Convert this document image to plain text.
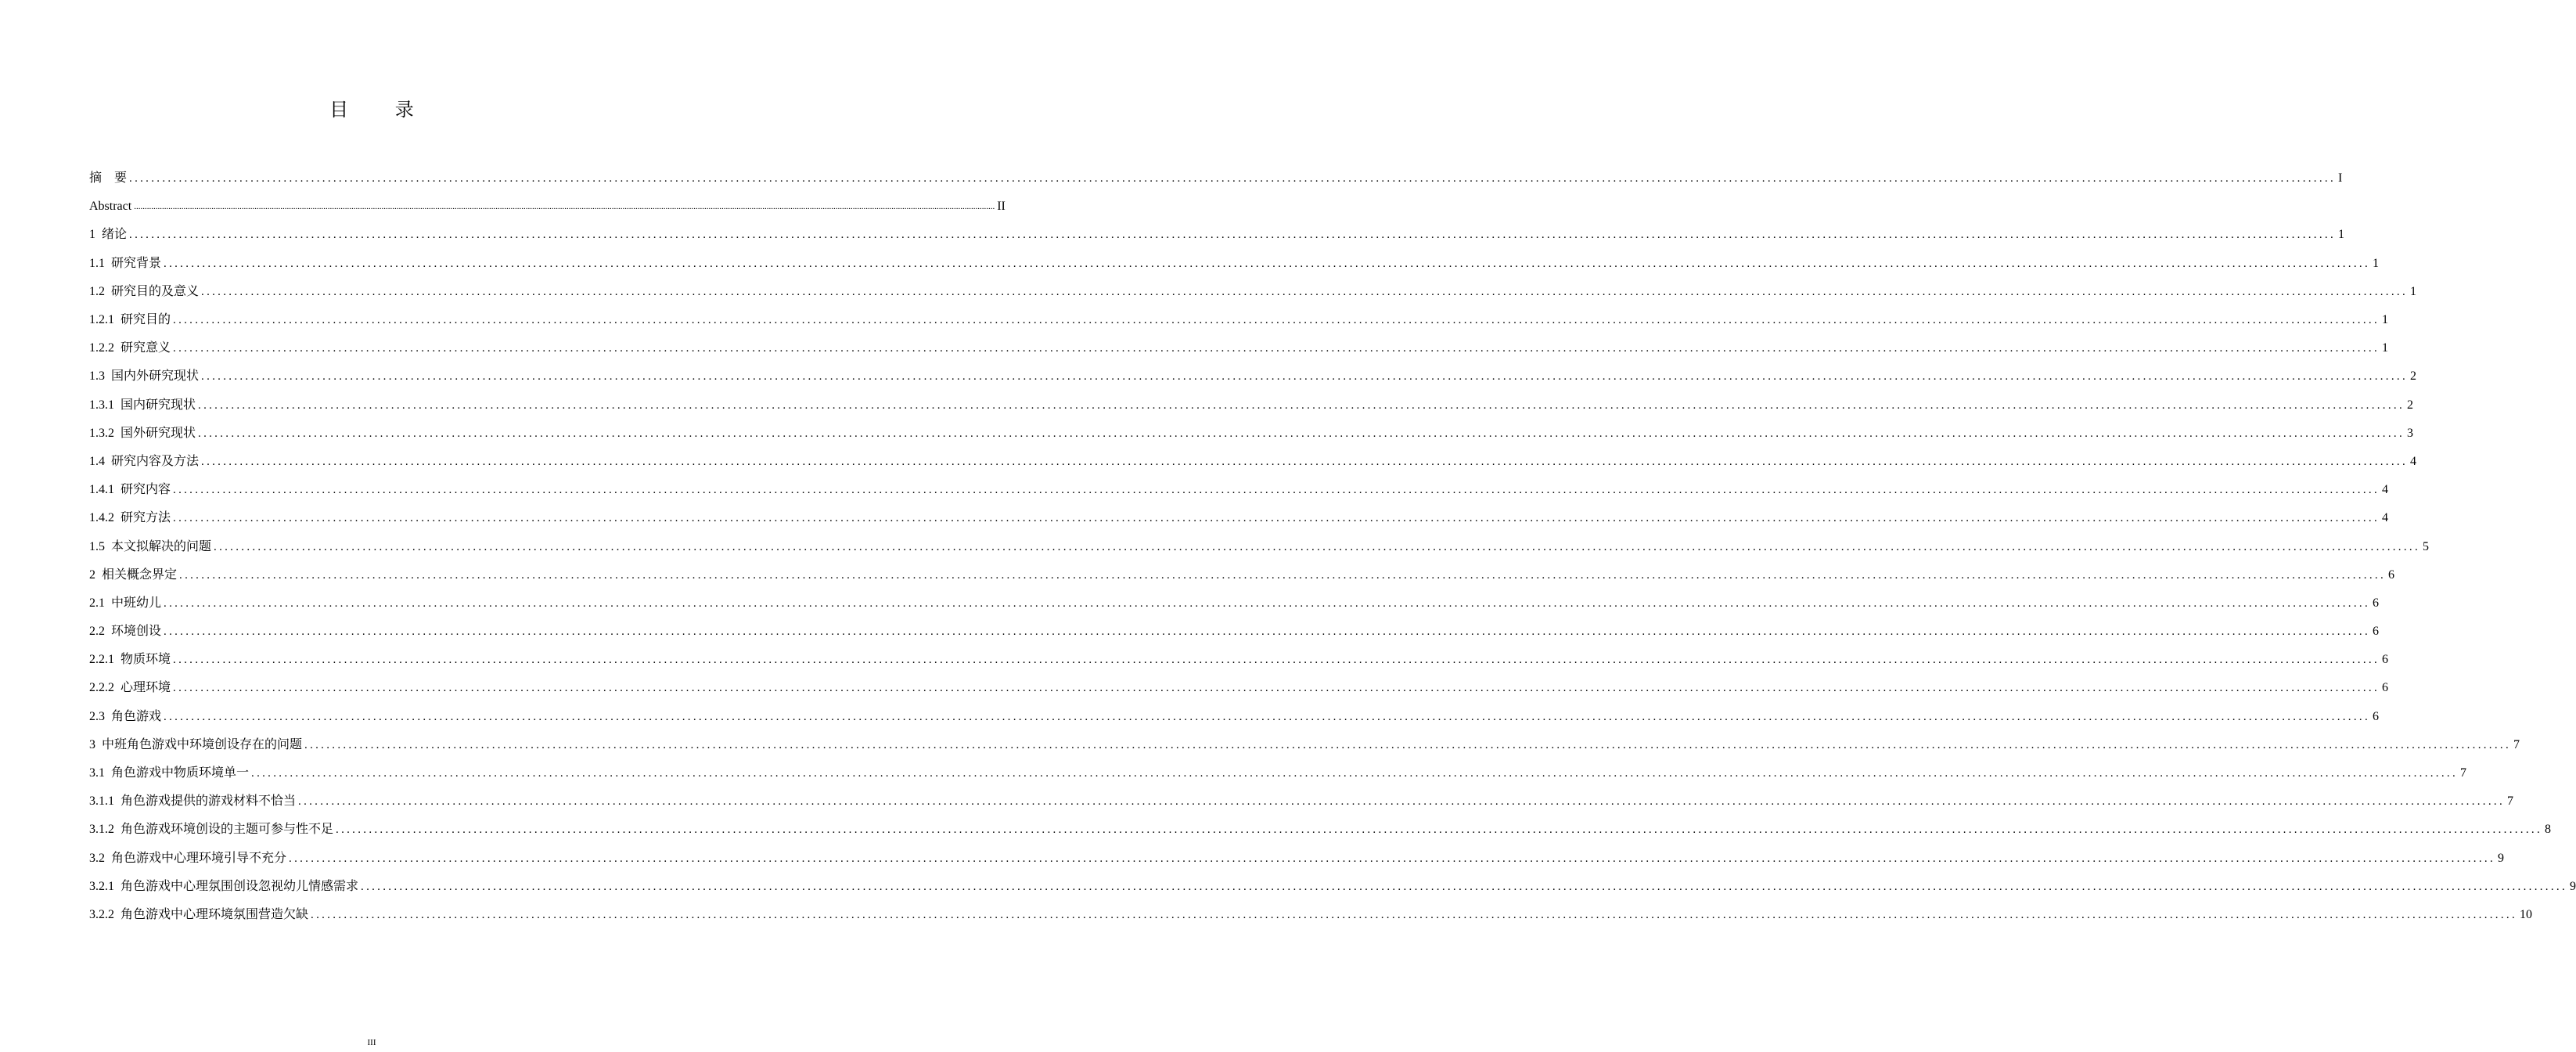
目 录
摘　要 ................................................................................................................................................................................................................................................................................................................................................................................................................ I
Abstract ................................................................................................................................................................................................................................................................................................................................................................................................................ II
1 绪论 ................................................................................................................................................................................................................................................................................................................................................................................................................ 1
1.1 研究背景 ................................................................................................................................................................................................................................................................................................................................................................................................................ 1
1.2 研究目的及意义 ................................................................................................................................................................................................................................................................................................................................................................................................................ 1
1.2.1 研究目的 ................................................................................................................................................................................................................................................................................................................................................................................................................ 1
1.2.2 研究意义 ................................................................................................................................................................................................................................................................................................................................................................................................................ 1
1.3 国内外研究现状 ................................................................................................................................................................................................................................................................................................................................................................................................................ 2
1.3.1 国内研究现状 ................................................................................................................................................................................................................................................................................................................................................................................................................ 2
1.3.2 国外研究现状 ................................................................................................................................................................................................................................................................................................................................................................................................................ 3
1.4 研究内容及方法 ................................................................................................................................................................................................................................................................................................................................................................................................................ 4
1.4.1 研究内容 ................................................................................................................................................................................................................................................................................................................................................................................................................ 4
1.4.2 研究方法 ................................................................................................................................................................................................................................................................................................................................................................................................................ 4
1.5 本文拟解决的问题 ................................................................................................................................................................................................................................................................................................................................................................................................................ 5
2 相关概念界定 ................................................................................................................................................................................................................................................................................................................................................................................................................ 6
2.1 中班幼儿 ................................................................................................................................................................................................................................................................................................................................................................................................................ 6
2.2 环境创设 ................................................................................................................................................................................................................................................................................................................................................................................................................ 6
2.2.1 物质环境 ................................................................................................................................................................................................................................................................................................................................................................................................................ 6
2.2.2 心理环境 ................................................................................................................................................................................................................................................................................................................................................................................................................ 6
2.3 角色游戏 ................................................................................................................................................................................................................................................................................................................................................................................................................ 6
3 中班角色游戏中环境创设存在的问题 ................................................................................................................................................................................................................................................................................................................................................................................................................ 7
3.1 角色游戏中物质环境单一 ................................................................................................................................................................................................................................................................................................................................................................................................................ 7
3.1.1 角色游戏提供的游戏材料不恰当 ................................................................................................................................................................................................................................................................................................................................................................................................................ 7
3.1.2 角色游戏环境创设的主题可参与性不足 ................................................................................................................................................................................................................................................................................................................................................................................................................ 8
3.2 角色游戏中心理环境引导不充分 ................................................................................................................................................................................................................................................................................................................................................................................................................ 9
3.2.1 角色游戏中心理氛围创设忽视幼儿情感需求 ................................................................................................................................................................................................................................................................................................................................................................................................................ 9
3.2.2 角色游戏中心理环境氛围营造欠缺 ................................................................................................................................................................................................................................................................................................................................................................................................................ 10
III
